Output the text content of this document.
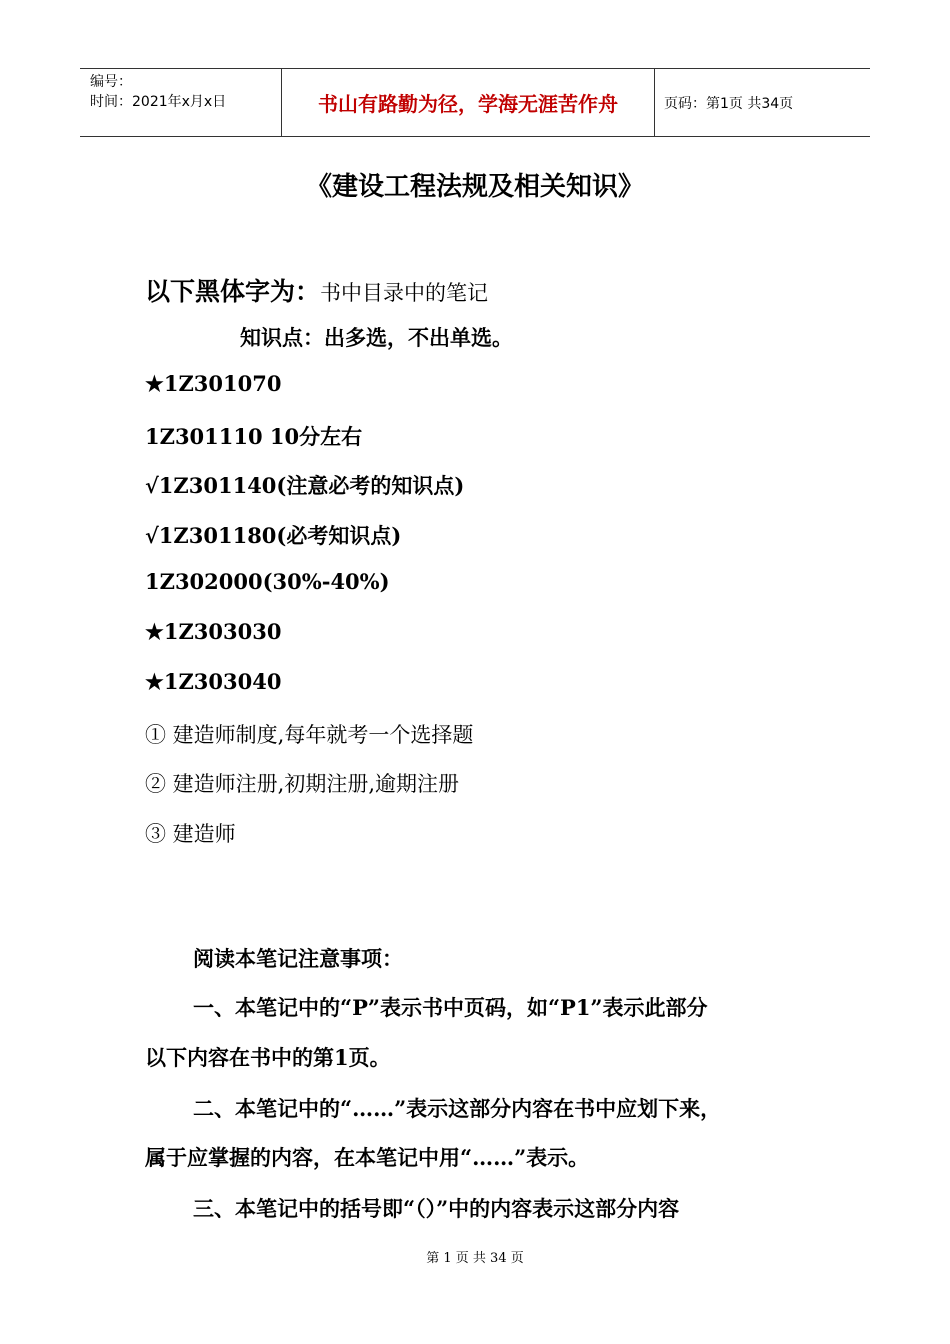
编号：
时间：2021年x月x日	书山有路勤为径，学海无涯苦作舟	页码：第1页 共34页
《建设工程法规及相关知识》
以下黑体字为：书中目录中的笔记
知识点：出多选，不出单选。
★1Z301070
1Z301110 10分左右
√1Z301140(注意必考的知识点)
√1Z301180(必考知识点)
1Z302000(30%-40%)
★1Z303030
★1Z303040
① 建造师制度,每年就考一个选择题
② 建造师注册,初期注册,逾期注册
③ 建造师
阅读本笔记注意事项：
一、本笔记中的“P”表示书中页码，如“P1”表示此部分
以下内容在书中的第1页。
二、本笔记中的“……”表示这部分内容在书中应划下来，
属于应掌握的内容，在本笔记中用“……”表示。
三、本笔记中的括号即“（）”中的内容表示这部分内容
第 1 页 共 34 页
